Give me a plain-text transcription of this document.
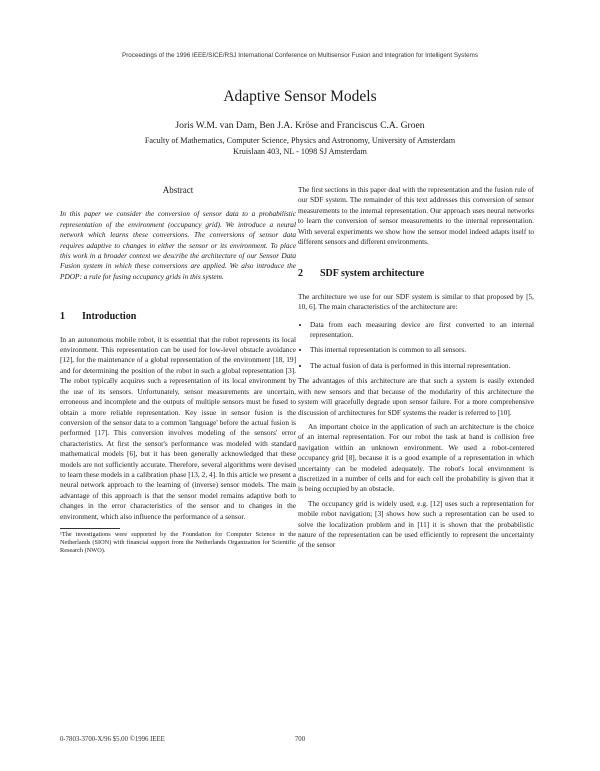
Proceedings of the 1996 IEEE/SICE/RSJ International Conference on Multisensor Fusion and Integration for Intelligent Systems
Adaptive Sensor Models
Joris W.M. van Dam, Ben J.A. Kröse and Franciscus C.A. Groen
Faculty of Mathematics, Computer Science, Physics and Astronomy, University of Amsterdam
Kruislaan 403, NL - 1098 SJ Amsterdam
Abstract

In this paper we consider the conversion of sensor data to a probabilistic representation of the environment (occupancy grid). We introduce a neural network which learns these conversions. The conversions of sensor data requires adaptive to changes in either the sensor or its environment. To place this work in a broader context we describe the architecture of our Sensor Data Fusion system in which these conversions are applied. We also introduce the PDOP: a rule for fusing occupancy grids in this system.

1 Introduction

In an autonomous mobile robot, it is essential that the robot represents its local environment. This representation can be used for low-level obstacle avoidance [12], for the maintenance of a global representation of the environment [18, 19] and for determining the position of the robot in such a global representation [3]. The robot typically acquires such a representation of its local environment by the use of its sensors. Unfortunately, sensor measurements are uncertain, erroneous and incomplete and the outputs of multiple sensors must be fused to obtain a more reliable representation. Key issue in sensor fusion is the conversion of the sensor data to a common 'language' before the actual fusion is performed [17]. This conversion involves modeling of the sensors' error characteristics. At first the sensor's performance was modeled with standard mathematical models [6], but it has been generally acknowledged that these models are not sufficiently accurate. Therefore, several algorithms were devised to learn these models in a calibration phase [13, 2, 4]. In this article we present a neural network approach to the learning of (inverse) sensor models. The main advantage of this approach is that the sensor model remains adaptive both to changes in the error characteristics of the sensor and to changes in the environment, which also influence the performance of a sensor.

¹The investigations were supported by the Foundation for Computer Science in the Netherlands (SION) with financial support from the Netherlands Organization for Scientific Research (NWO).

The first sections in this paper deal with the representation and the fusion rule of our SDF system. The remainder of this text addresses this conversion of sensor measurements to the internal representation. Our approach uses neural networks to learn the conversion of sensor measurements to the internal representation. With several experiments we show how the sensor model indeed adapts itself to different sensors and different environments.

2 SDF system architecture

The architecture we use for our SDF system is similar to that proposed by [5, 10, 6]. The main characteristics of the architecture are:

• Data from each measuring device are first converted to an internal representation.
• This internal representation is common to all sensors.
• The actual fusion of data is performed in this internal representation.

The advantages of this architecture are that such a system is easily extended with new sensors and that because of the modularity of this architecture the system will gracefully degrade upon sensor failure. For a more comprehensive discussion of architectures for SDF systems the reader is referred to [10].

An important choice in the application of such an architecture is the choice of an internal representation. For our robot the task at hand is collision free navigation within an unknown environment. We used a robot-centered occupancy grid [8], because it is a good example of a representation in which uncertainty can be modeled adequately. The robot's local environment is discretized in a number of cells and for each cell the probability is given that it is being occupied by an obstacle.

The occupancy grid is widely used, e.g. [12] uses such a representation for mobile robot navigation; [3] shows how such a representation can be used to solve the localization problem and in [11] it is shown that the probabilistic nature of the representation can be used efficiently to represent the uncertainty of the sensor

0-7803-3700-X/96 $5.00 ©1996 IEEE	700
